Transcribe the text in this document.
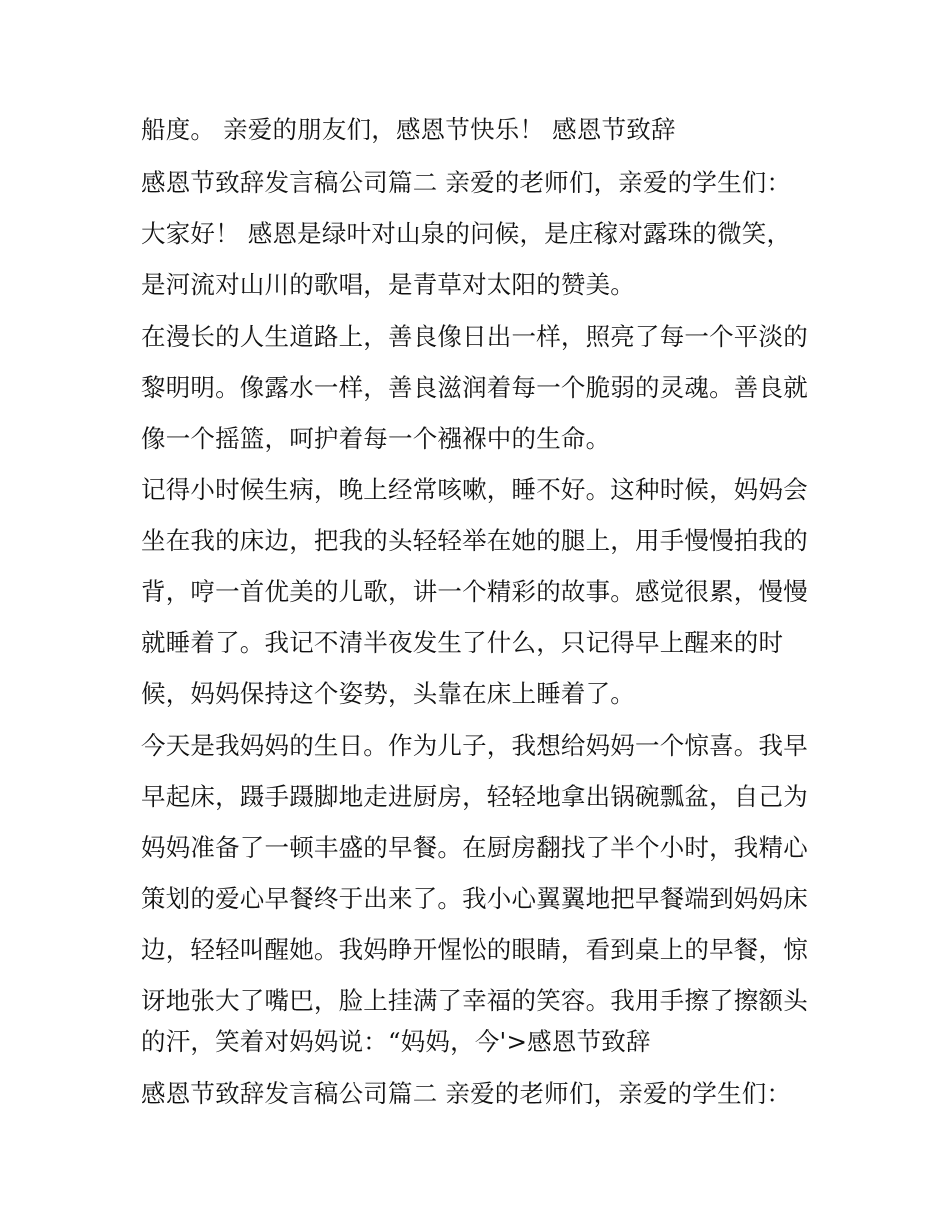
船度。 亲爱的朋友们，感恩节快乐！ 感恩节致辞
感恩节致辞发言稿公司篇二 亲爱的老师们，亲爱的学生们：
大家好！ 感恩是绿叶对山泉的问候，是庄稼对露珠的微笑，
是河流对山川的歌唱，是青草对太阳的赞美。
在漫长的人生道路上，善良像日出一样，照亮了每一个平淡的
黎明明。像露水一样，善良滋润着每一个脆弱的灵魂。善良就
像一个摇篮，呵护着每一个襁褓中的生命。
记得小时候生病，晚上经常咳嗽，睡不好。这种时候，妈妈会
坐在我的床边，把我的头轻轻举在她的腿上，用手慢慢拍我的
背，哼一首优美的儿歌，讲一个精彩的故事。感觉很累，慢慢
就睡着了。我记不清半夜发生了什么，只记得早上醒来的时
候，妈妈保持这个姿势，头靠在床上睡着了。
今天是我妈妈的生日。作为儿子，我想给妈妈一个惊喜。我早
早起床，蹑手蹑脚地走进厨房，轻轻地拿出锅碗瓢盆，自己为
妈妈准备了一顿丰盛的早餐。在厨房翻找了半个小时，我精心
策划的爱心早餐终于出来了。我小心翼翼地把早餐端到妈妈床
边，轻轻叫醒她。我妈睁开惺忪的眼睛，看到桌上的早餐，惊
讶地张大了嘴巴，脸上挂满了幸福的笑容。我用手擦了擦额头
的汗，笑着对妈妈说：“妈妈，今'>感恩节致辞
感恩节致辞发言稿公司篇二 亲爱的老师们，亲爱的学生们：
